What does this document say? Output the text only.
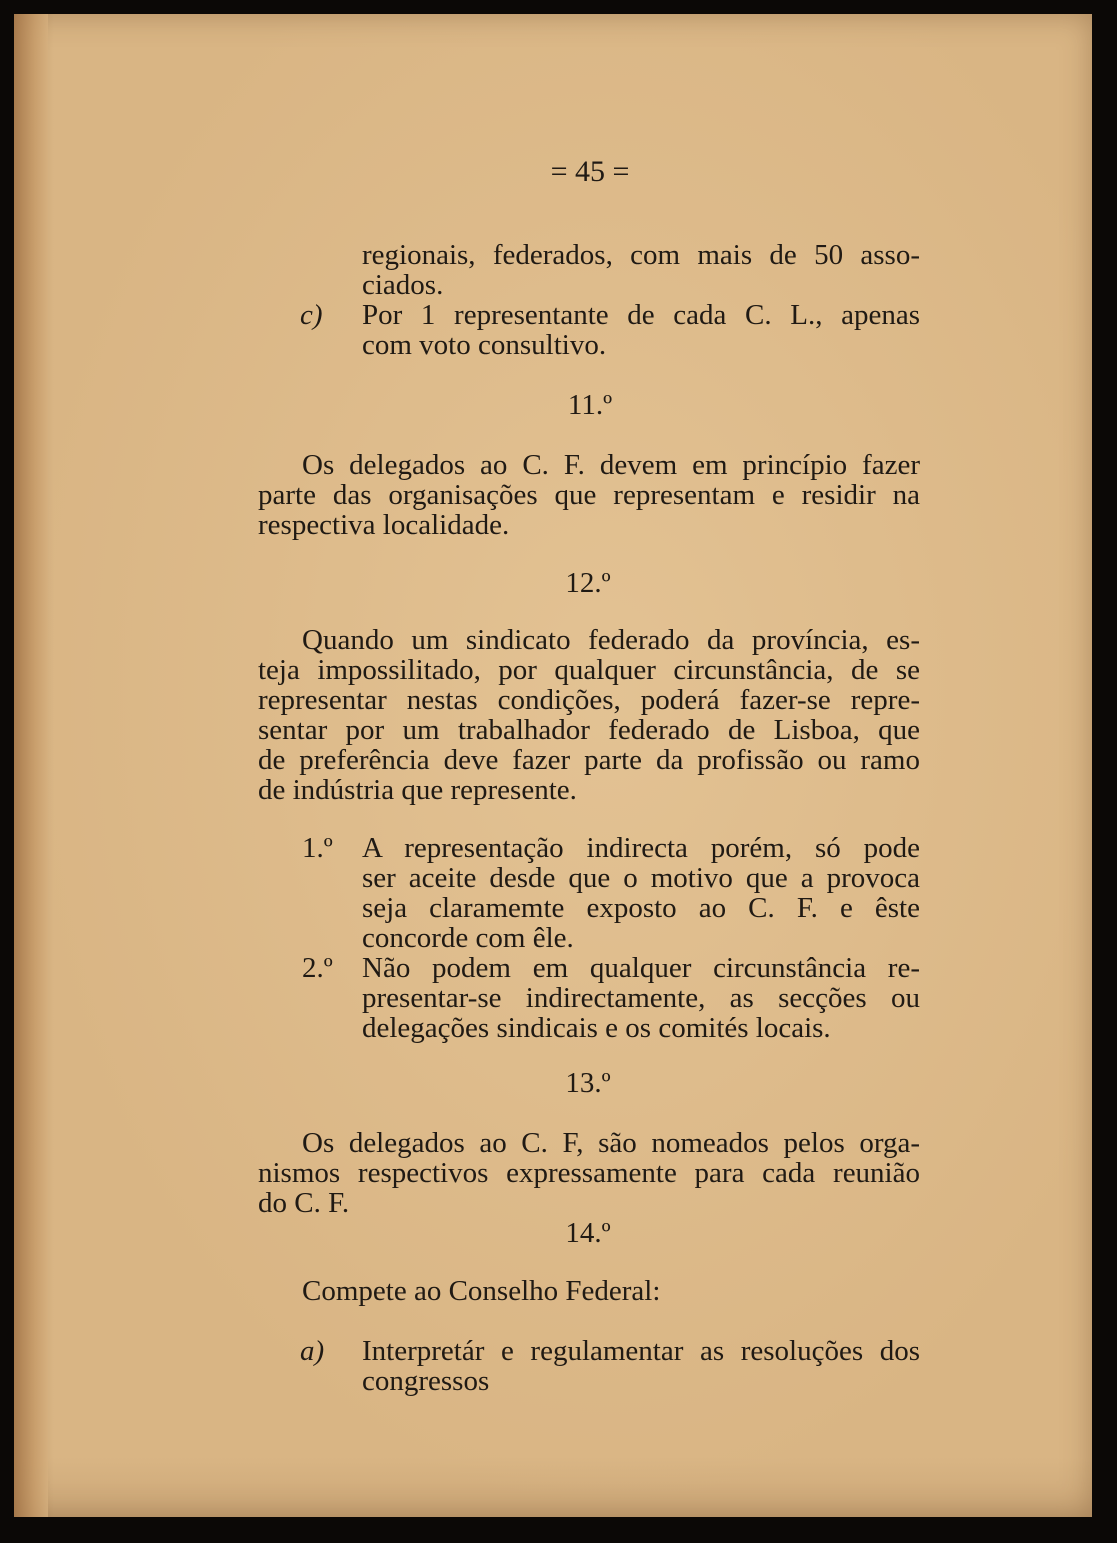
= 45 =
regionais, federados, com mais de 50 asso-
ciados.
c) Por 1 representante de cada C. L., apenas
com voto consultivo.
11.º
Os delegados ao C. F. devem em princípio fazer
parte das organisações que representam e residir na
respectiva localidade.
12.º
Quando um sindicato federado da província, es-
teja impossilitado, por qualquer circunstância, de se
representar nestas condições, poderá fazer-se repre-
sentar por um trabalhador federado de Lisboa, que
de preferência deve fazer parte da profissão ou ramo
de indústria que represente.
1.º A representação indirecta porém, só pode
ser aceite desde que o motivo que a provoca
seja claramemte exposto ao C. F. e êste
concorde com êle.
2.º Não podem em qualquer circunstância re-
presentar-se indirectamente, as secções ou
delegações sindicais e os comités locais.
13.º
Os delegados ao C. F, são nomeados pelos orga-
nismos respectivos expressamente para cada reunião
do C. F.
14.º
Compete ao Conselho Federal:
a) Interpretár e regulamentar as resoluções dos
congressos
